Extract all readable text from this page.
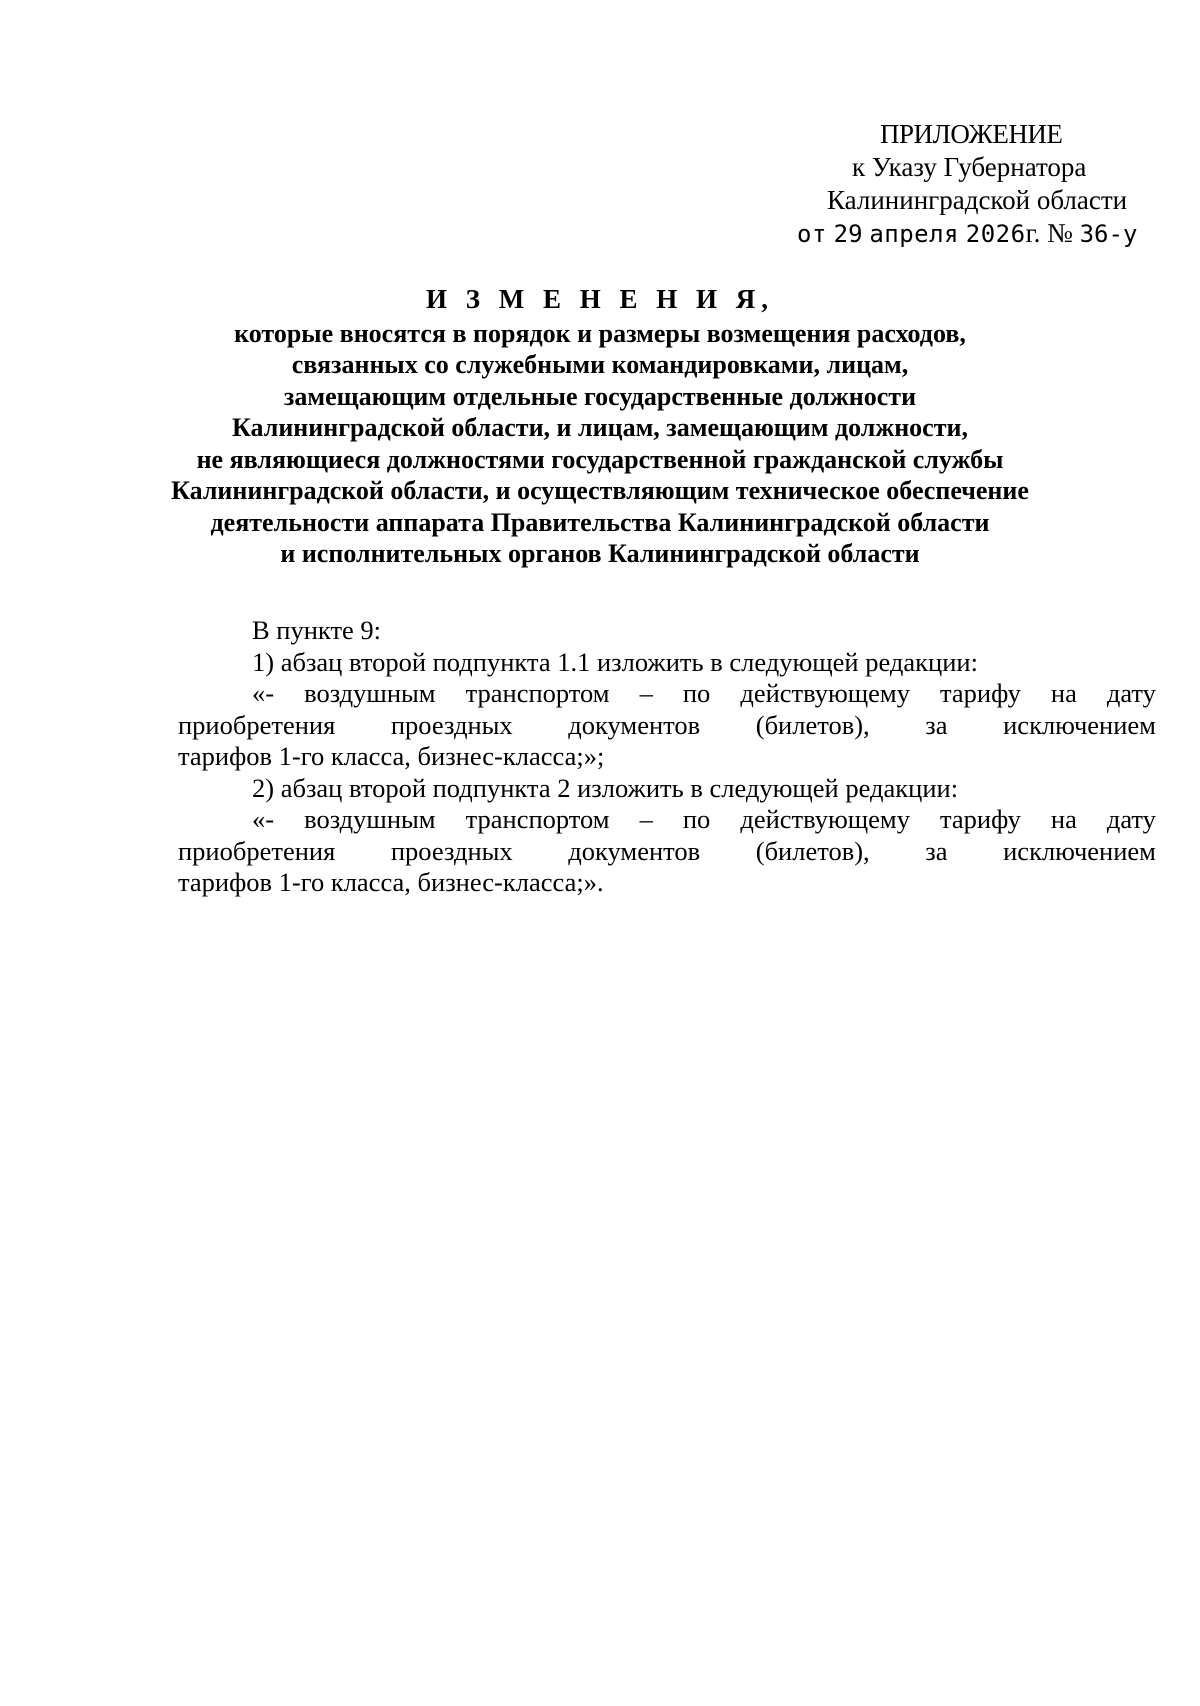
ПРИЛОЖЕНИЕ
к Указу Губернатора
Калининградской области
от 29 апреля 2026г. № 36-у
И З М Е Н Е Н И Я,
которые вносятся в порядок и размеры возмещения расходов,
связанных со служебными командировками, лицам,
замещающим отдельные государственные должности
Калининградской области, и лицам, замещающим должности,
не являющиеся должностями государственной гражданской службы
Калининградской области, и осуществляющим техническое обеспечение
деятельности аппарата Правительства Калининградской области
и исполнительных органов Калининградской области

В пункте 9:

1) абзац второй подпункта 1.1 изложить в следующей редакции:

«- воздушным транспортом – по действующему тарифу на дату
приобретения проездных документов (билетов), за исключением

тарифов 1-го класса, бизнес-класса;»;

2) абзац второй подпункта 2 изложить в следующей редакции:

«- воздушным транспортом – по действующему тарифу на дату
приобретения проездных документов (билетов), за исключением

тарифов 1-го класса, бизнес-класса;».
